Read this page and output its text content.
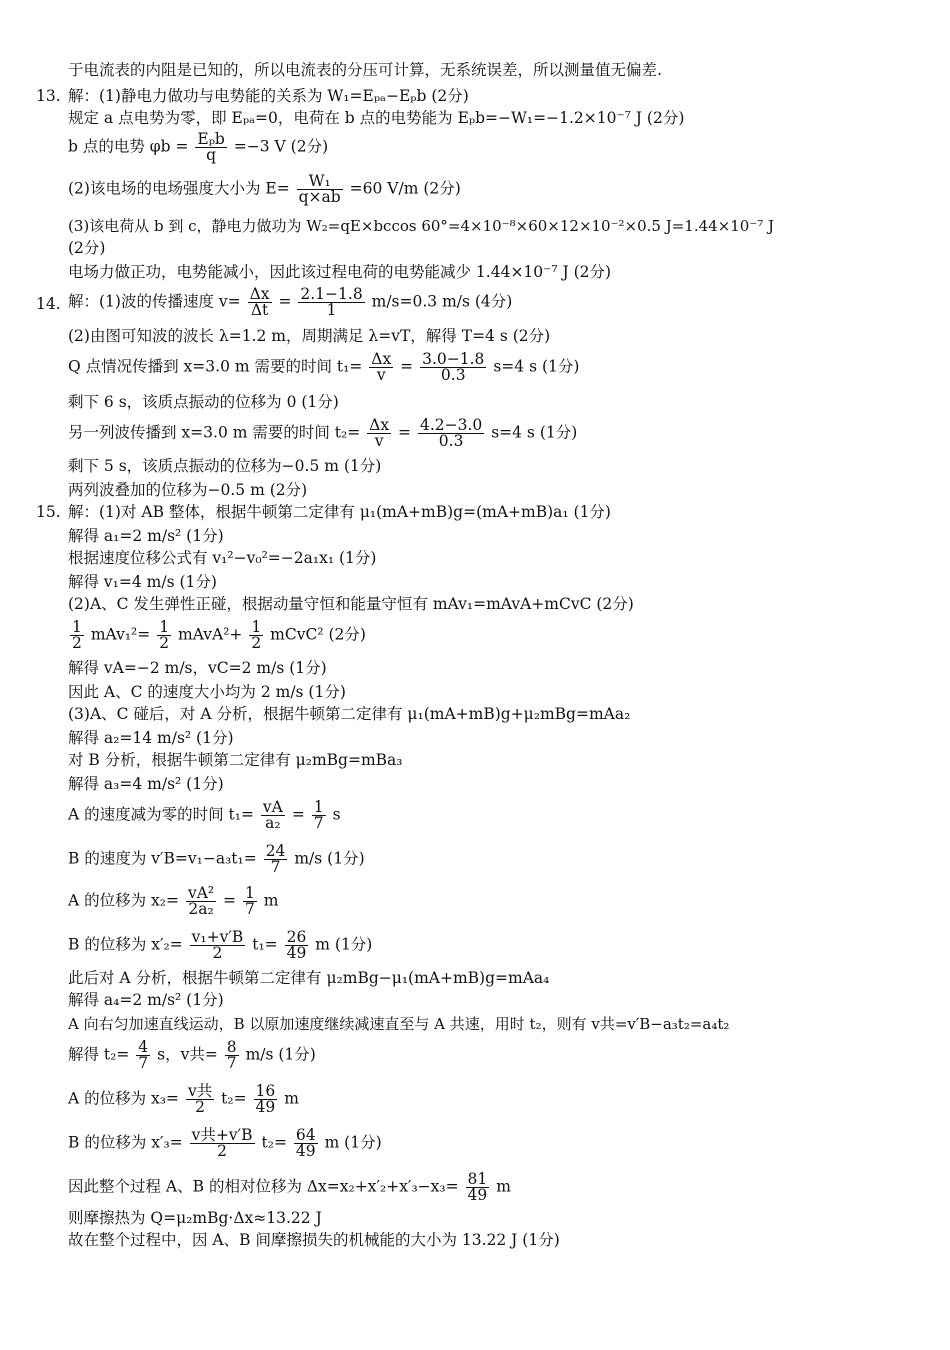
于电流表的内阻是已知的，所以电流表的分压可计算，无系统误差，所以测量值无偏差.
13. 解：(1)静电力做功与电势能的关系为 W₁=Eₚₐ−Eₚb (2分)
规定 a 点电势为零，即 Eₚₐ=0，电荷在 b 点的电势能为 Eₚb=−W₁=−1.2×10⁻⁷ J (2分)
b 点的电势 $\varphi b = \frac{\text{Eₚb}}{q} =-3$ V (2分)
(2)该电场的电场强度大小为 $E= \frac{\text{W₁}}{q\times ab} =60$ V/m (2分)
(3)该电荷从 b 到 c，静电力做功为 W₂=qE×bccos 60°=4×10⁻⁸×60×12×10⁻²×0.5 J=1.44×10⁻⁷ J
(2分)
电场力做正功，电势能减小，因此该过程电荷的电势能减少 1.44×10⁻⁷ J (2分)
14. 解：(1)波的传播速度 $v= \frac{\Delta x}{\Delta t} = \frac{2.1-1.8}{1} m/s=0.3$ m/s (4分)
(2)由图可知波的波长 λ=1.2 m，周期满足 λ=vT，解得 T=4 s (2分)
Q 点情况传播到 x=3.0 m 需要的时间 $t_1= \frac{\Delta x}{v} = \frac{3.0-1.8}{0.3} s=4$ s (1分)
剩下 6 s，该质点振动的位移为 0 (1分)
另一列波传播到 x=3.0 m 需要的时间 $t_2= \frac{\Delta x}{v} = \frac{4.2-3.0}{0.3} s=4$ s (1分)
剩下 5 s，该质点振动的位移为−0.5 m (1分)
两列波叠加的位移为−0.5 m (2分)
15. 解：(1)对 AB 整体，根据牛顿第二定律有 μ₁(mA+mB)g=(mA+mB)a₁ (1分)
解得 a₁=2 m/s² (1分)
根据速度位移公式有 v₁²−v₀²=−2a₁x₁ (1分)
解得 v₁=4 m/s (1分)
(2)A、C 发生弹性正碰，根据动量守恒和能量守恒有 mAv₁=mAvA+mCvC (2分)
$\frac{1}{2} mAv_1^2= \frac{1}{2}$ mAvA²+ $\frac{1}{2}$ mCvC² (2分)
解得 vA=−2 m/s，vC=2 m/s (1分)
因此 A、C 的速度大小均为 2 m/s (1分)
(3)A、C 碰后，对 A 分析，根据牛顿第二定律有 μ₁(mA+mB)g+μ₂mBg=mAa₂
解得 a₂=14 m/s² (1分)
对 B 分析，根据牛顿第二定律有 μ₂mBg=mBa₃
解得 a₃=4 m/s² (1分)
A 的速度减为零的时间 $t_1= \frac{vA}{\text{a₂}} = \frac{1}{7}$ s
B 的速度为 $v'B=v_1-a_3t_1= \frac{24}{7} m/s$ (1分)
A 的位移为 $x_2= \frac{\text{vA²}}{\text{2a₂}} = \frac{1}{7}$ m
B 的位移为 $x'_2= \frac{\text{v₁+v′B}}{2} t_1= \frac{26}{49}$ m (1分)
此后对 A 分析，根据牛顿第二定律有 μ₂mBg−μ₁(mA+mB)g=mAa₄
解得 a₄=2 m/s² (1分)
A 向右匀加速直线运动，B 以原加速度继续减速直至与 A 共速，用时 t₂，则有 v共=v′B−a₃t₂=a₄t₂
解得 $t_2= \frac{4}{7}$ s，v共= $\frac{8}{7} m/s$ (1分)
A 的位移为 $x_3= \frac{\text{v共}}{2} t_2= \frac{16}{49}$ m
B 的位移为 $x'_3= \frac{\text{v共+v′B}}{2} t_2= \frac{64}{49}$ m (1分)
因此整个过程 A、B 的相对位移为 $\Delta x=x_2+x'_2+x'_3-x_3= \frac{81}{49}$ m
则摩擦热为 Q=μ₂mBg·Δx≈13.22 J
故在整个过程中，因 A、B 间摩擦损失的机械能的大小为 13.22 J (1分)
